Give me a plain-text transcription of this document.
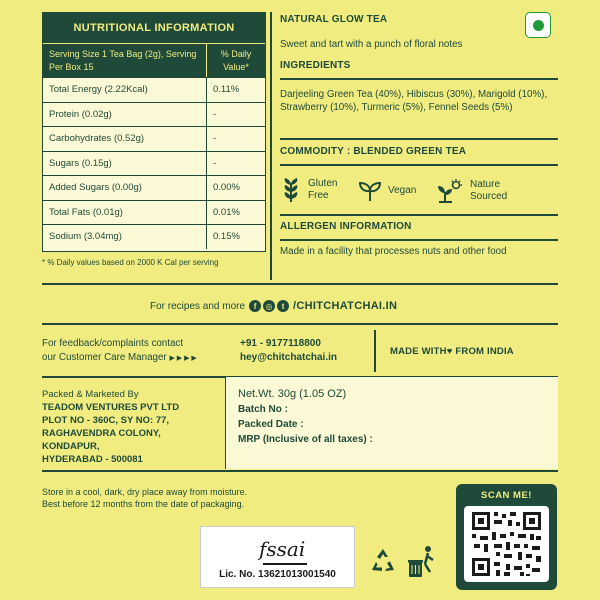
NUTRITIONAL INFORMATION
Serving Size 1 Tea Bag (2g), Serving Per Box 15
% Daily Value*
Total Energy (2.22Kcal)	0.11%
Protein (0.02g)	-
Carbohydrates (0.52g)	-
Sugars (0.15g)	-
Added Sugars (0.00g)	0.00%
Total Fats (0.01g)	0.01%
Sodium (3.04mg)	0.15%
* % Daily values based on 2000 K Cal per serving
NATURAL GLOW TEA
Sweet and tart with a punch of floral notes
INGREDIENTS
Darjeeling Green Tea (40%), Hibiscus (30%), Marigold (10%), Strawberry (10%), Turmeric (5%), Fennel Seeds (5%)
COMMODITY : BLENDED GREEN TEA
Gluten
Free	Vegan
Nature
Sourced
ALLERGEN INFORMATION
Made in a facility that processes nuts and other food
For recipes and more	f	◎	t /CHITCHATCHAI.IN
For feedback/complaints contact
our Customer Care Manager ▶ ▶ ▶ ▶
+91 - 9177118800
hey@chitchatchai.in
MADE WITH♥ FROM INDIA
Packed & Marketed By
TEADOM VENTURES PVT LTD
PLOT NO - 360C, SY NO: 77,
RAGHAVENDRA COLONY,
KONDAPUR,
HYDERABAD - 500081
Net.Wt. 30g (1.05 OZ)
Batch No :
Packed Date :
MRP (Inclusive of all taxes) :
Store in a cool, dark, dry place away from moisture.
Best before 12 months from the date of packaging.
fssai
Lic. No. 13621013001540
SCAN ME!
